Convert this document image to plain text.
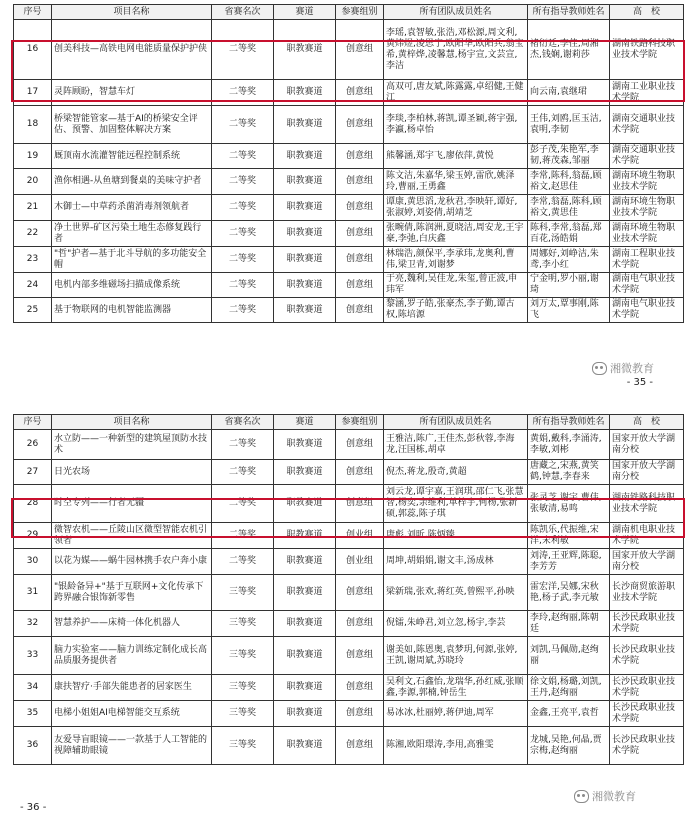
序号	项目名称	省赛名次	赛道	参赛组别	所有团队成员姓名	所有指导教师姓名	高　校
16	创美科技—高铁电网电能质量保护护侠	二等奖	职教赛道	创意组	李瑶,袁智敏,张浩,邓松源,周文利,黄炜煜,凌思宁,欧阳华,欧阳兵,翁宝希,黄梓烨,凌馨慧,杨宇宣,文芸宣,李洁	褚衍廷,李佳,周湘杰,钱娴,谢莉莎	湖南铁路科技职业技术学院
17	灵阵顾盼，智慧车灯	二等奖	职教赛道	创意组	高双可,唐友斌,陈露露,卓绍健,王健江	向云南,袁继珺	湖南工业职业技术学院
18	桥梁智能管家—基于AI的桥梁安全评估、预警、加固整体解决方案	二等奖	职教赛道	创意组	李琰,李柏林,蒋凯,谭圣颖,蒋宇强,李瀛,杨卓怡	王伟,刘鸥,匡玉洁,袁明,李韧	湖南交通职业技术学院
19	厩顶南水流灌智能远程控制系统	二等奖	职教赛道	创意组	熊馨涵,郑宇飞,廖依萍,黄悦	彭子茂,朱艳军,李韧,蒋茂森,邹丽	湖南交通职业技术学院
20	渔你相遇-从鱼塘到餐桌的美味守护者	二等奖	职教赛道	创意组	陈文洁,朱嘉华,梁玉婷,雷欣,姚泽玲,曹丽,王勇鑫	李常,陈科,翁磊,顾裕文,赵思佳	湖南环境生物职业技术学院
21	木御士—中草药杀菌消毒剂领航者	二等奖	职教赛道	创意组	谭康,黄思滔,龙秋君,李映轩,谭好,张淑婷,刘姿倩,胡靖芝	李常,翁磊,陈科,顾裕文,黄思佳	湖南环境生物职业技术学院
22	净土世界-矿区污染土地生态修复践行者	二等奖	职教赛道	创意组	张畹倩,陈润洲,夏晓洁,周安龙,王宇豪,李弛,白庆鑫	陈科,李常,翁磊,郑百花,汤皓娟	湖南环境生物职业技术学院
23	"哲"护者—基于北斗导航的多功能安全帽	二等奖	职教赛道	创意组	林瑞浩,颜保平,李承玮,龙奥利,曹伟,梁卫青,刘谢梦	周娜好,刘峥洁,朱鸢,李小红	湖南工程职业技术学院
24	电机内部多维磁场扫描成像系统	二等奖	职教赛道	创意组	于亮,魏利,吴佳龙,朱玺,曾正波,申玮军	宁金明,罗小丽,谢琦	湖南电气职业技术学院
25	基于物联网的电机智能监测器	二等奖	职教赛道	创意组	黎涵,罗子皓,张豪杰,李子勤,谭古权,陈培源	刘万太,覃事刚,陈飞	湖南电气职业技术学院
湘微教育
- 35 -
序号	项目名称	省赛名次	赛道	参赛组别	所有团队成员姓名	所有指导教师姓名	高　校
26	水立防——一种新型的建筑屋顶防水技术	二等奖	职教赛道	创意组	王雅洁,陈广,王佳杰,彭秋蓉,李海龙,汪国栋,胡卓	黄娟,戴科,李涌涛,李敏,刘彬	国家开放大学湖南分校
27	日光农场	二等奖	职教赛道	创意组	倪杰,蒋龙,殷奇,黄超	唐藏之,宋燕,黄笑鹤,钟慧,李春来	国家开放大学湖南分校
28	时空专列——行者无疆	二等奖	职教赛道	创意组	刘云龙,谭宇嘉,王润琪,邵仁飞,张慧智,杨奕,余维利,单梓宇,何杨,张新硕,郭蕊,陈子琪	张灵芝,谢宇,曹伟,张敏清,易鸣	湖南铁路科技职业技术学院
29	微智农机——丘陵山区微型智能农机引领者	二等奖	职教赛道	创业组	唐彪,刘昕,陈炳臻	陈凯乐,代振维,宋洋,宋利敏	湖南机电职业技术学院
30	以花为媒——蜗牛园林携手农户奔小康	二等奖	职教赛道	创业组	周坤,胡娟娟,谢文丰,汤成林	刘涛,王亚辉,陈聪,李芳芳	国家开放大学湖南分校
31	"银龄备异+"基于互联网+文化传承下跨界融合银饰新零售	三等奖	职教赛道	创意组	梁新瑞,张欢,蒋红英,曾熙平,孙映	雷宏洋,吴娜,宋秋艳,杨子武,李元敏	长沙商贸旅游职业技术学院
32	智慧养护——床椅一体化机器人	三等奖	职教赛道	创意组	倪镭,朱峥君,刘立忽,杨宇,李芸	李玲,赵绚丽,陈朝廷	长沙民政职业技术学院
33	脑力实验室——脑力训练定制化成长高品质服务提供者	三等奖	职教赛道	创意组	谢美如,陈恩奥,袁梦玥,何源,张婷,王凯,谢周斌,苏晓玲	刘凯,马佩勋,赵绚丽	长沙民政职业技术学院
34	康扶智疗·手部失能患者的居家医生	三等奖	职教赛道	创意组	吴利文,石鑫怡,龙瑞华,孙红威,张顺鑫,李源,郭楠,钟岳生	徐文娟,杨璐,刘凯,王丹,赵绚丽	长沙民政职业技术学院
35	电梯小姐姐AI电梯智能交互系统	三等奖	职教赛道	创意组	易冰冰,杜丽婷,蒋伊迪,周军	金鑫,王亮平,袁哲	长沙民政职业技术学院
36	友爱导盲眼镜——一款基于人工智能的视障辅助眼镜	三等奖	职教赛道	创意组	陈湘,欧阳璟涛,李用,高雅雯	龙城,吴艳,何晶,贾宗梅,赵绚丽	长沙民政职业技术学院
湘微教育
- 36 -
